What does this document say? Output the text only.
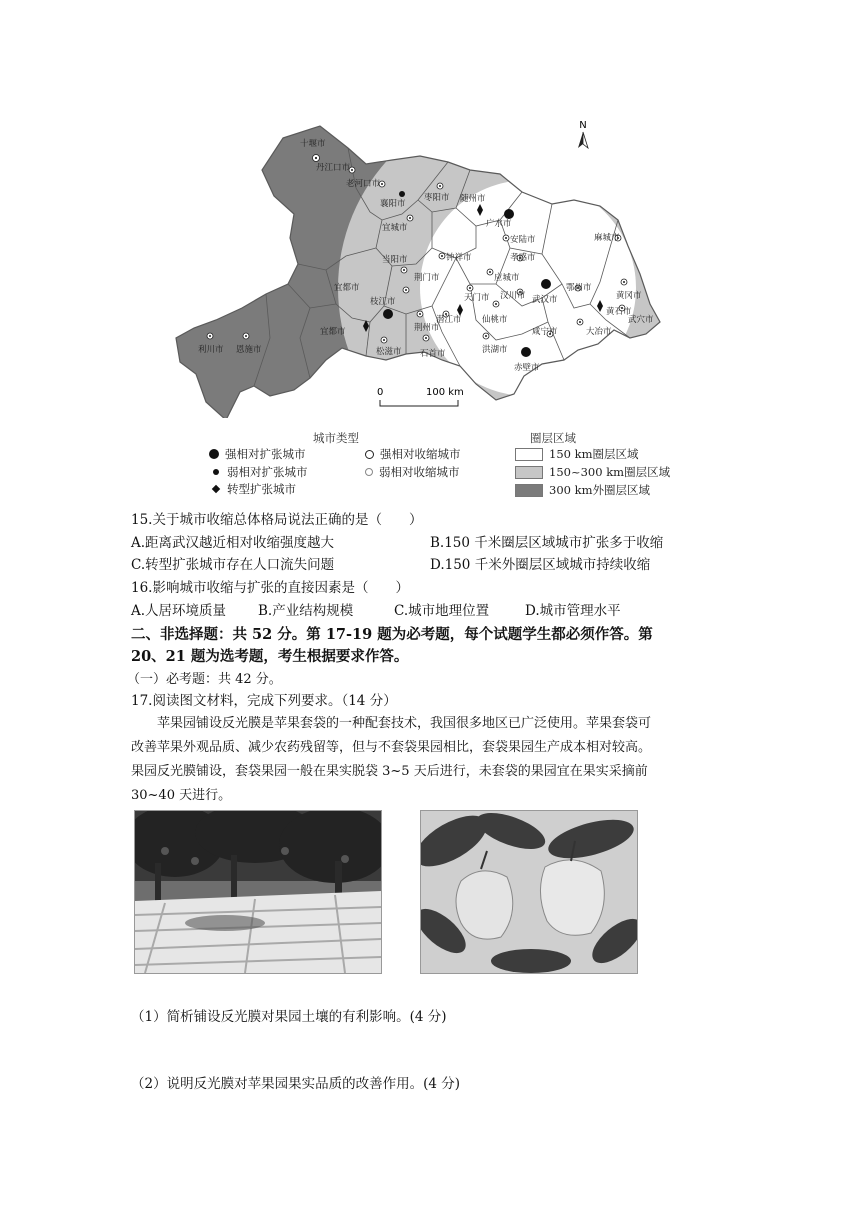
N
0	100 km
十堰市
丹江口市
老河口市
襄阳市
枣阳市 随州市
广水市
宜城市
安陆市	麻城市
孝感市
钟祥市
当阳市
荆门市	应城市
宜都市
枝江市	天门市 汉川市 武汉市
鄂州市
黄冈市
黄石市
武穴市
潜江市 仙桃市
荆州市
松滋市 石首市	洪湖市
咸宁市	大冶市
赤壁市
利川市 恩施市
宜都市
城市类型	圈层区域
强相对扩张城市
弱相对扩张城市
转型扩张城市
强相对收缩城市
弱相对收缩城市
150 km圈层区域
150~300 km圈层区域
300 km外圈层区域
15.关于城市收缩总体格局说法正确的是（　　）
A.距离武汉越近相对收缩强度越大	B.150 千米圈层区域城市扩张多于收缩
C.转型扩张城市存在人口流失问题	D.150 千米外圈层区域城市持续收缩
16.影响城市收缩与扩张的直接因素是（　　）
A.人居环境质量 B.产业结构规模	C.城市地理位置	D.城市管理水平
二、非选择题：共 52 分。第 17-19 题为必考题，每个试题学生都必须作答。第
20、21 题为选考题，考生根据要求作答。
（一）必考题：共 42 分。
17.阅读图文材料，完成下列要求。（14 分）
　　苹果园铺设反光膜是苹果套袋的一种配套技术，我国很多地区已广泛使用。苹果套袋可
改善苹果外观品质、减少农药残留等，但与不套袋果园相比，套袋果园生产成本相对较高。
果园反光膜铺设，套袋果园一般在果实脱袋 3~5 天后进行，未套袋的果园宜在果实采摘前
30~40 天进行。
（1）简析铺设反光膜对果园土壤的有利影响。(4 分)
（2）说明反光膜对苹果园果实品质的改善作用。(4 分)
